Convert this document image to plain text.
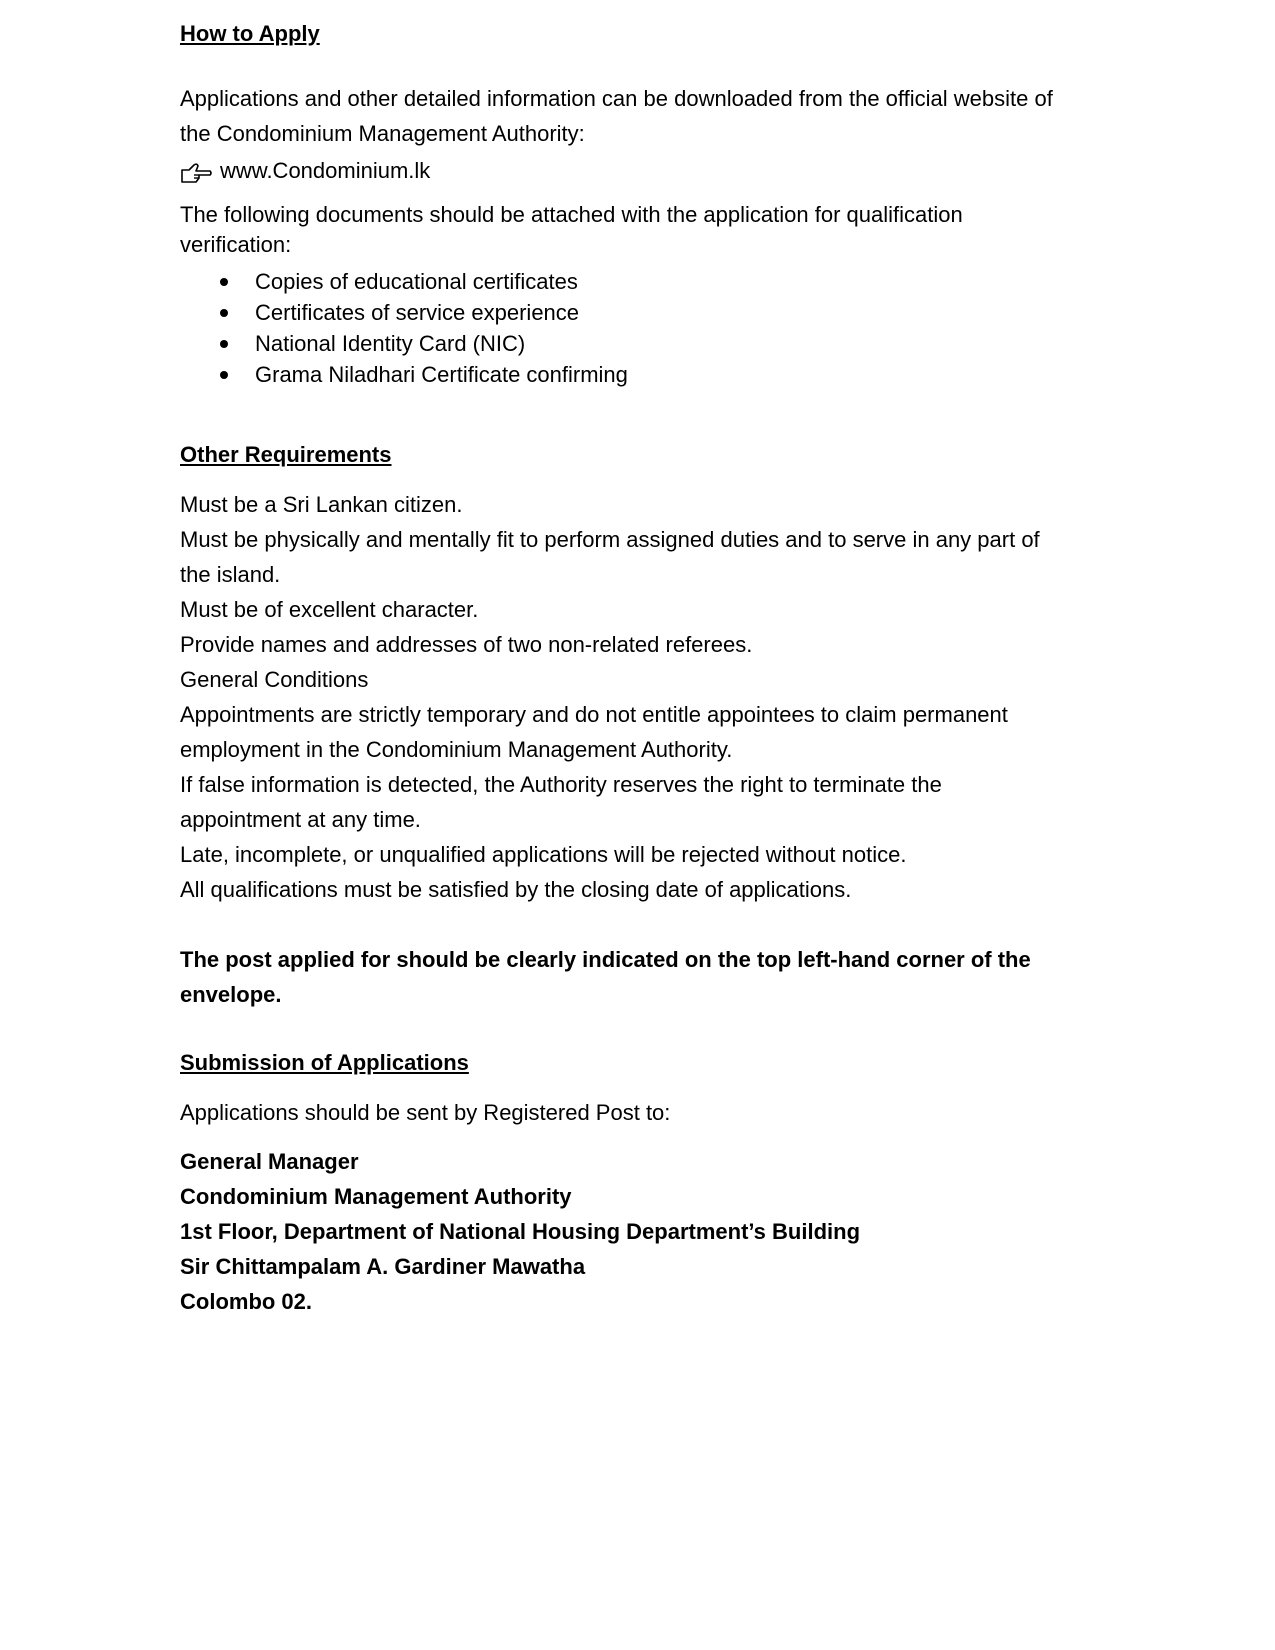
How to Apply

Applications and other detailed information can be downloaded from the official website of

the Condominium Management Authority:

www.Condominium.lk

The following documents should be attached with the application for qualification

verification:

Copies of educational certificates
Certificates of service experience
National Identity Card (NIC)
Grama Niladhari Certificate confirming

Other Requirements

Must be a Sri Lankan citizen.

Must be physically and mentally fit to perform assigned duties and to serve in any part of

the island.

Must be of excellent character.

Provide names and addresses of two non-related referees.

General Conditions

Appointments are strictly temporary and do not entitle appointees to claim permanent

employment in the Condominium Management Authority.

If false information is detected, the Authority reserves the right to terminate the

appointment at any time.

Late, incomplete, or unqualified applications will be rejected without notice.

All qualifications must be satisfied by the closing date of applications.

The post applied for should be clearly indicated on the top left-hand corner of the

envelope.

Submission of Applications

Applications should be sent by Registered Post to:

General Manager

Condominium Management Authority

1st Floor, Department of National Housing Department’s Building

Sir Chittampalam A. Gardiner Mawatha

Colombo 02.
